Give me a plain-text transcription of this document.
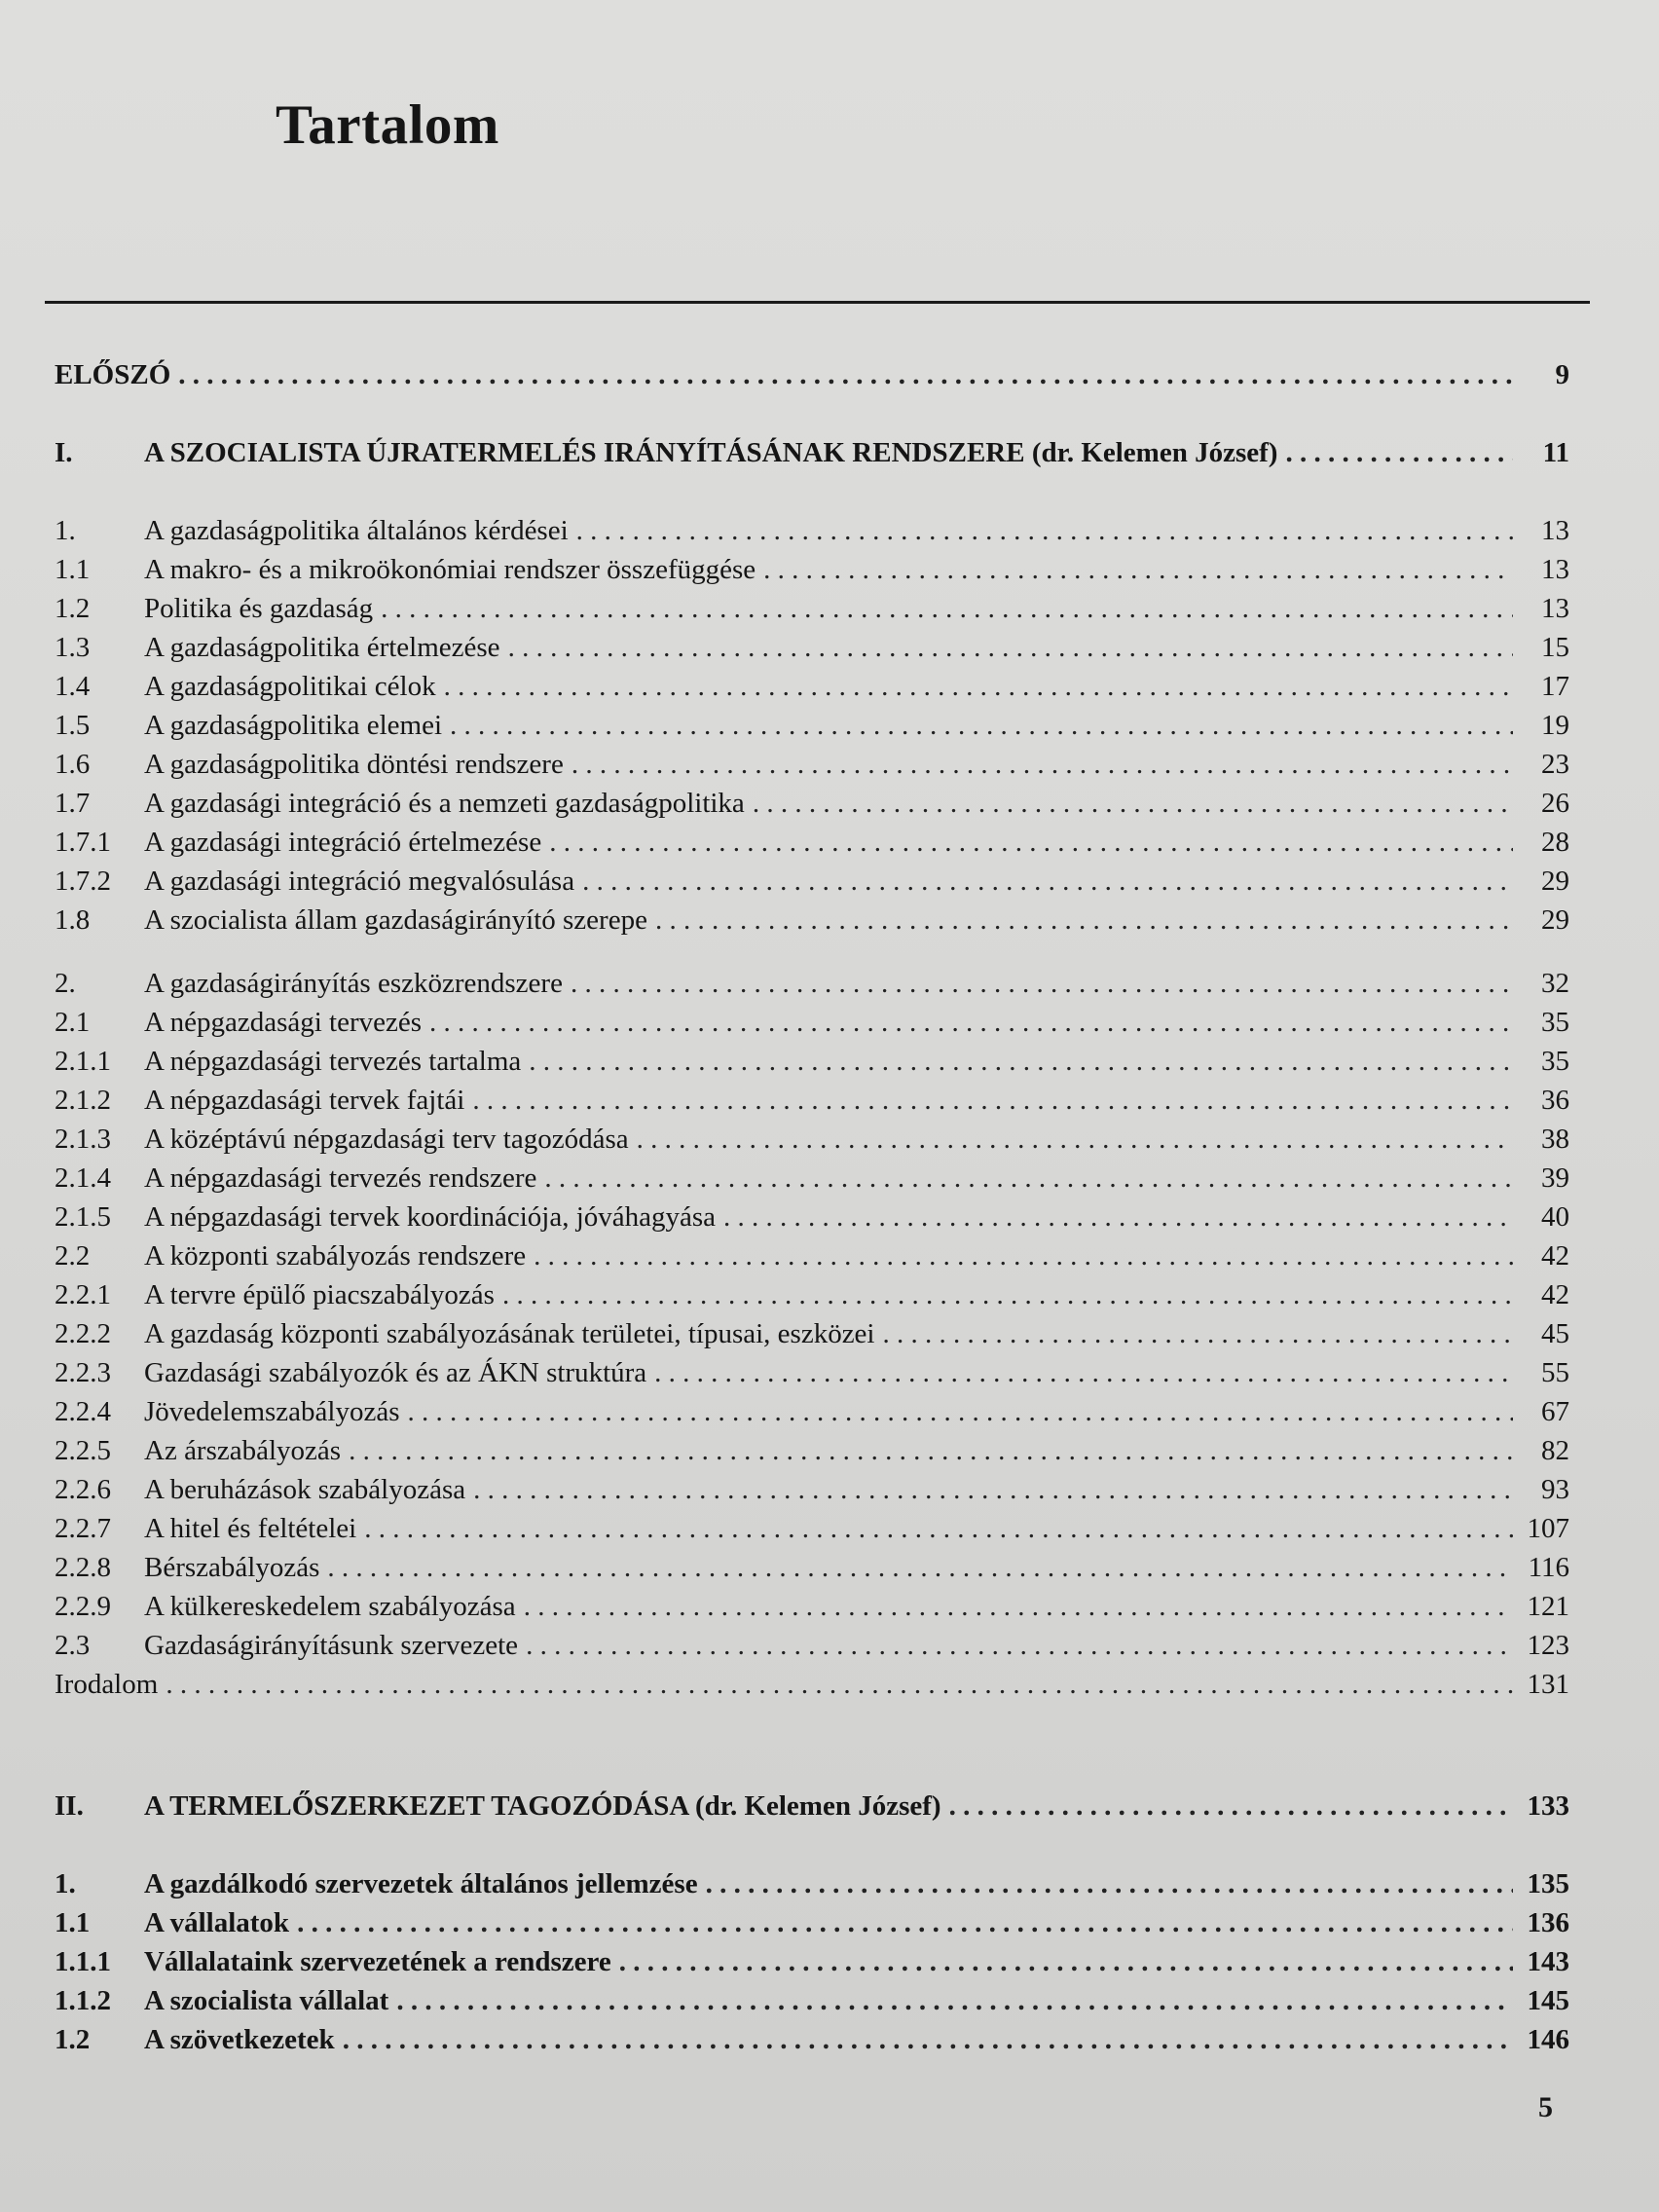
Tartalom
ELŐSZÓ . . .	9
I.	A SZOCIALISTA ÚJRATERMELÉS IRÁNYÍTÁSÁNAK RENDSZERE (dr. Kelemen József) . . .	11
1.	A gazdaságpolitika általános kérdései . . .	13
1.1	A makro- és a mikroökonómiai rendszer összefüggése . . .	13
1.2	Politika és gazdaság . . .	13
1.3	A gazdaságpolitika értelmezése . . .	15
1.4	A gazdaságpolitikai célok . . .	17
1.5	A gazdaságpolitika elemei . . .	19
1.6	A gazdaságpolitika döntési rendszere . . .	23
1.7	A gazdasági integráció és a nemzeti gazdaságpolitika . . .	26
1.7.1	A gazdasági integráció értelmezése . . .	28
1.7.2	A gazdasági integráció megvalósulása . . .	29
1.8	A szocialista állam gazdaságirányító szerepe . . .	29
2.	A gazdaságirányítás eszközrendszere . . .	32
2.1	A népgazdasági tervezés . . .	35
2.1.1	A népgazdasági tervezés tartalma . . .	35
2.1.2	A népgazdasági tervek fajtái . . .	36
2.1.3	A középtávú népgazdasági terv tagozódása . . .	38
2.1.4	A népgazdasági tervezés rendszere . . .	39
2.1.5	A népgazdasági tervek koordinációja, jóváhagyása . . .	40
2.2	A központi szabályozás rendszere . . .	42
2.2.1	A tervre épülő piacszabályozás . . .	42
2.2.2	A gazdaság központi szabályozásának területei, típusai, eszközei . . .	45
2.2.3	Gazdasági szabályozók és az ÁKN struktúra . . .	55
2.2.4	Jövedelemszabályozás . . .	67
2.2.5	Az árszabályozás . . .	82
2.2.6	A beruházások szabályozása . . .	93
2.2.7	A hitel és feltételei . . .	107
2.2.8	Bérszabályozás . . .	116
2.2.9	A külkereskedelem szabályozása . . .	121
2.3	Gazdaságirányításunk szervezete . . .	123
Irodalom . . .	131
II.	A TERMELŐSZERKEZET TAGOZÓDÁSA (dr. Kelemen József) . . .	133
1.	A gazdálkodó szervezetek általános jellemzése . . .	135
1.1	A vállalatok . . .	136
1.1.1	Vállalataink szervezetének a rendszere . . .	143
1.1.2	A szocialista vállalat . . .	145
1.2	A szövetkezetek . . .	146
5
